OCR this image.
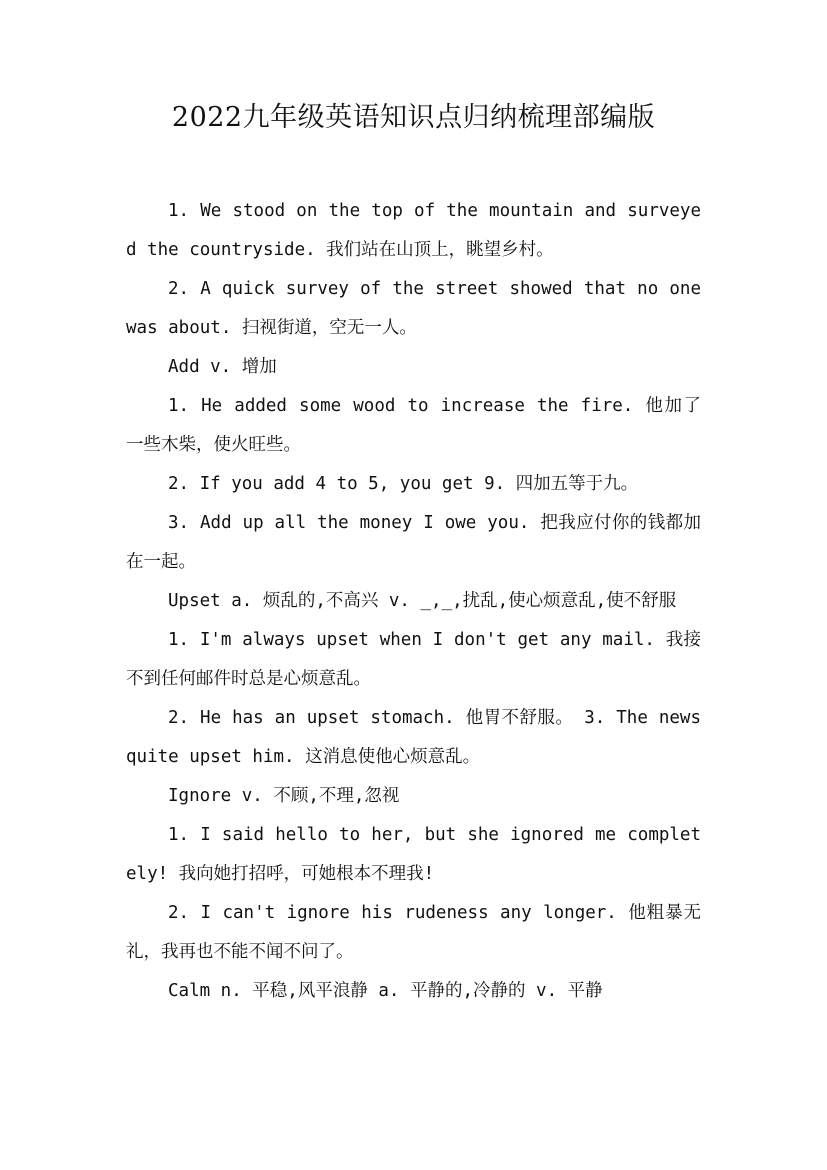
2022九年级英语知识点归纳梳理部编版

1. We stood on the top of the mountain and surveyed the countryside. 我们站在山顶上，眺望乡村。

2. A quick survey of the street showed that no one was about. 扫视街道，空无一人。

Add v. 增加

1. He added some wood to increase the fire. 他加了一些木柴，使火旺些。

2. If you add 4 to 5, you get 9. 四加五等于九。

3. Add up all the money I owe you. 把我应付你的钱都加在一起。

Upset a. 烦乱的,不高兴 v. _,_,扰乱,使心烦意乱,使不舒服

1. I'm always upset when I don't get any mail. 我接不到任何邮件时总是心烦意乱。

2. He has an upset stomach. 他胃不舒服。 3. The news quite upset him. 这消息使他心烦意乱。

Ignore v. 不顾,不理,忽视

1. I said hello to her, but she ignored me completely! 我向她打招呼，可她根本不理我!

2. I can't ignore his rudeness any longer. 他粗暴无礼，我再也不能不闻不问了。

Calm n. 平稳,风平浪静 a. 平静的,冷静的 v. 平静
